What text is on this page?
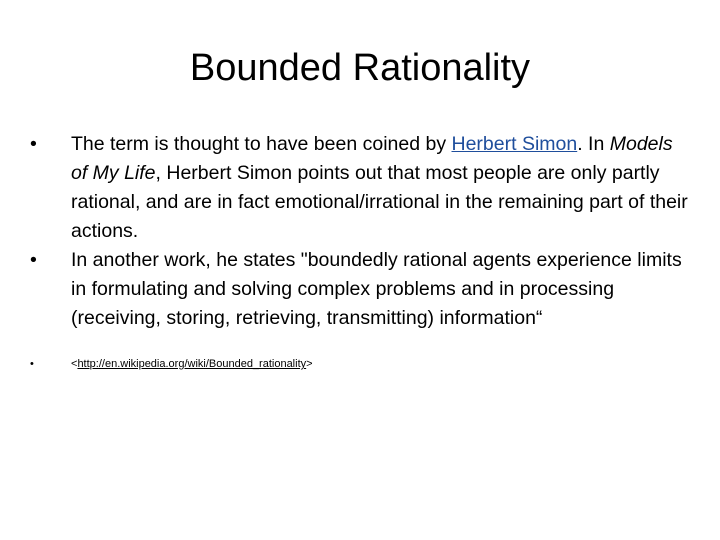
Bounded Rationality
•	The term is thought to have been coined by Herbert Simon. In Models of My Life, Herbert Simon points out that most people are only partly rational, and are in fact emotional/irrational in the remaining part of their actions.
•	In another work, he states "boundedly rational agents experience limits in formulating and solving complex problems and in processing (receiving, storing, retrieving, transmitting) information“
•	<http://en.wikipedia.org/wiki/Bounded_rationality>
